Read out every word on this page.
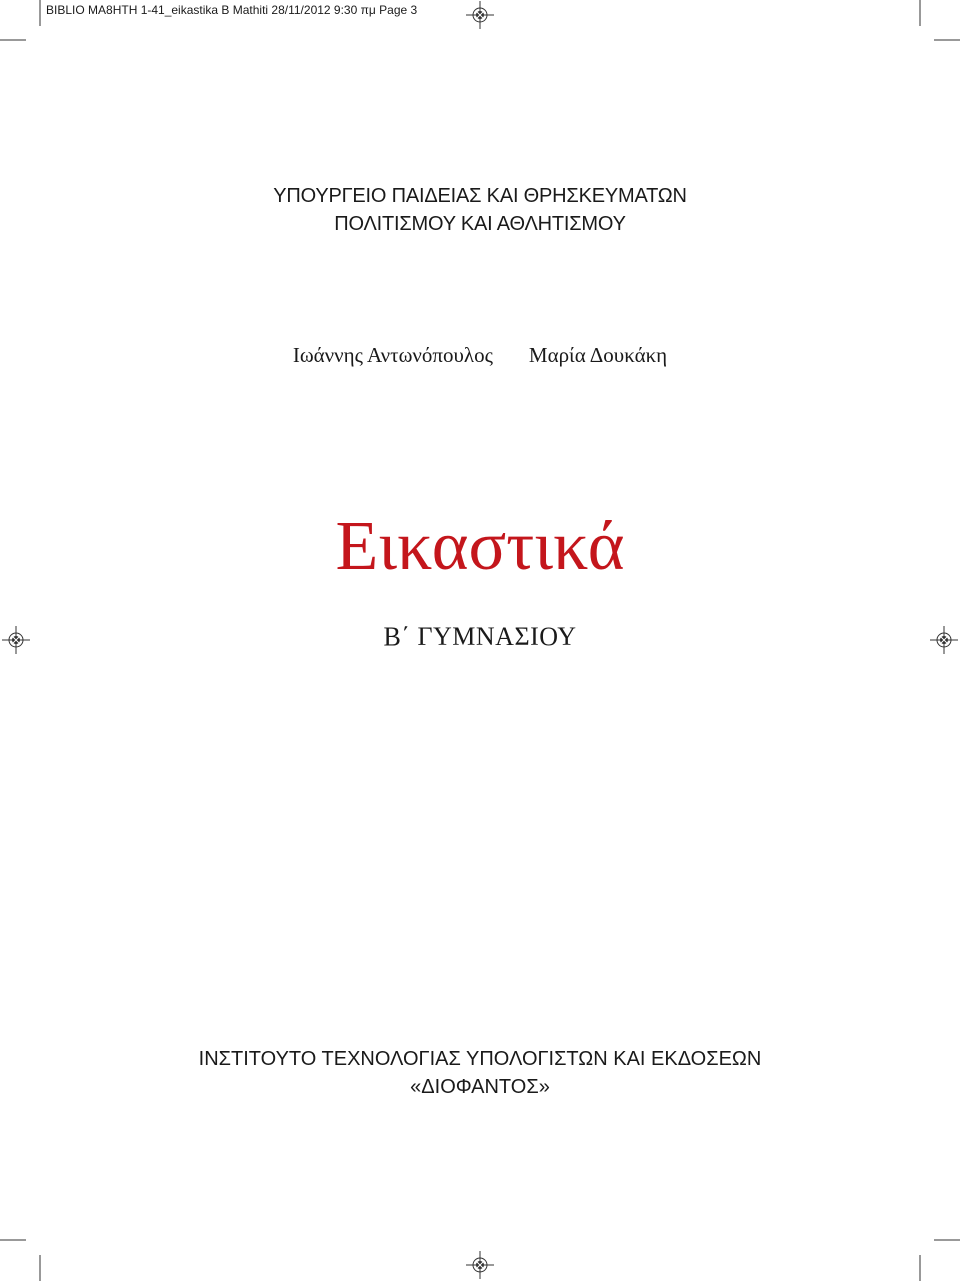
BIBLIO MA8HTH 1-41_eikastika B Mathiti 28/11/2012 9:30 πμ Page 3
ΥΠΟΥΡΓΕΙΟ ΠΑΙΔΕΙΑΣ ΚΑΙ ΘΡΗΣΚΕΥΜΑΤΩΝ
ΠΟΛΙΤΙΣΜΟΥ ΚΑΙ ΑΘΛΗΤΙΣΜΟΥ
Ιωάννης Αντωνόπουλος Μαρία Δουκάκη
Εικαστικά
Β΄ ΓΥΜΝΑΣΙΟΥ
ΙΝΣΤΙΤΟΥΤΟ ΤΕΧΝΟΛΟΓΙΑΣ ΥΠΟΛΟΓΙΣΤΩΝ ΚΑΙ ΕΚΔΟΣΕΩΝ
«ΔΙΟΦΑΝΤΟΣ»
